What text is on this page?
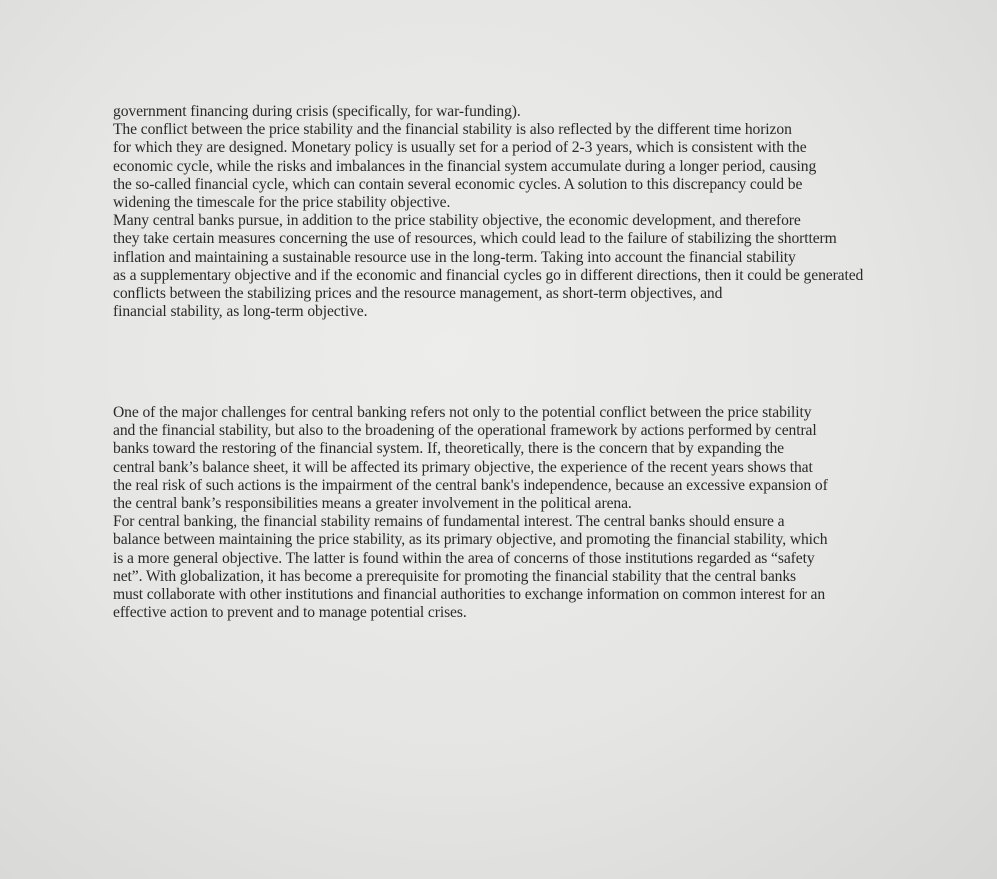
government financing during crisis (specifically, for war-funding).
The conflict between the price stability and the financial stability is also reflected by the different time horizon
for which they are designed. Monetary policy is usually set for a period of 2-3 years, which is consistent with the
economic cycle, while the risks and imbalances in the financial system accumulate during a longer period, causing
the so-called financial cycle, which can contain several economic cycles. A solution to this discrepancy could be
widening the timescale for the price stability objective.
Many central banks pursue, in addition to the price stability objective, the economic development, and therefore
they take certain measures concerning the use of resources, which could lead to the failure of stabilizing the shortterm
inflation and maintaining a sustainable resource use in the long-term. Taking into account the financial stability
as a supplementary objective and if the economic and financial cycles go in different directions, then it could be generated
conflicts between the stabilizing prices and the resource management, as short-term objectives, and
financial stability, as long-term objective.
One of the major challenges for central banking refers not only to the potential conflict between the price stability
and the financial stability, but also to the broadening of the operational framework by actions performed by central
banks toward the restoring of the financial system. If, theoretically, there is the concern that by expanding the
central bank’s balance sheet, it will be affected its primary objective, the experience of the recent years shows that
the real risk of such actions is the impairment of the central bank's independence, because an excessive expansion of
the central bank’s responsibilities means a greater involvement in the political arena.
For central banking, the financial stability remains of fundamental interest. The central banks should ensure a
balance between maintaining the price stability, as its primary objective, and promoting the financial stability, which
is a more general objective. The latter is found within the area of concerns of those institutions regarded as “safety
net”. With globalization, it has become a prerequisite for promoting the financial stability that the central banks
must collaborate with other institutions and financial authorities to exchange information on common interest for an
effective action to prevent and to manage potential crises.
